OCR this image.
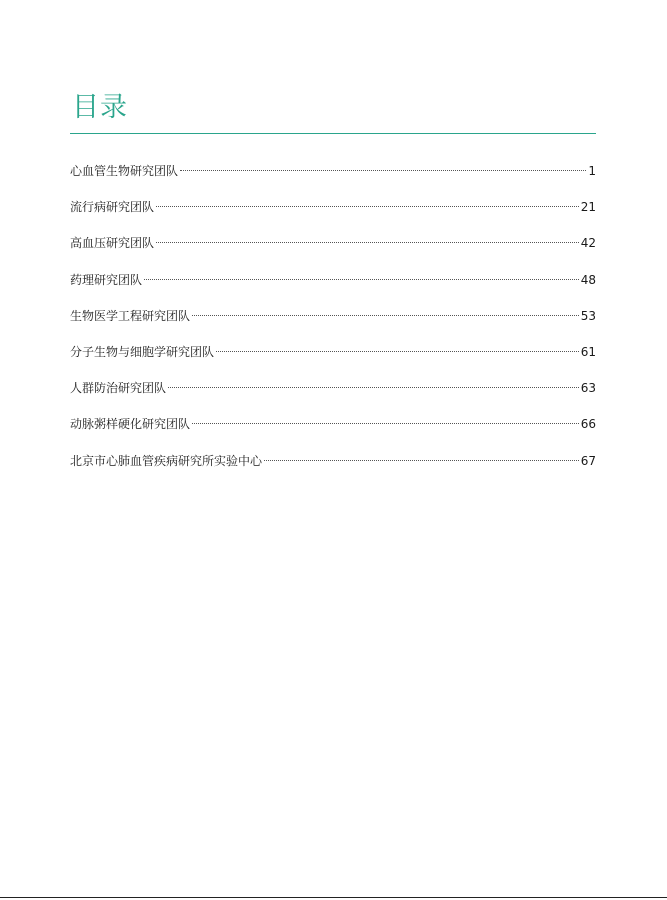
目录
心血管生物研究团队	1
流行病研究团队	21
高血压研究团队	42
药理研究团队	48
生物医学工程研究团队	53
分子生物与细胞学研究团队	61
人群防治研究团队	63
动脉粥样硬化研究团队	66
北京市心肺血管疾病研究所实验中心	67
